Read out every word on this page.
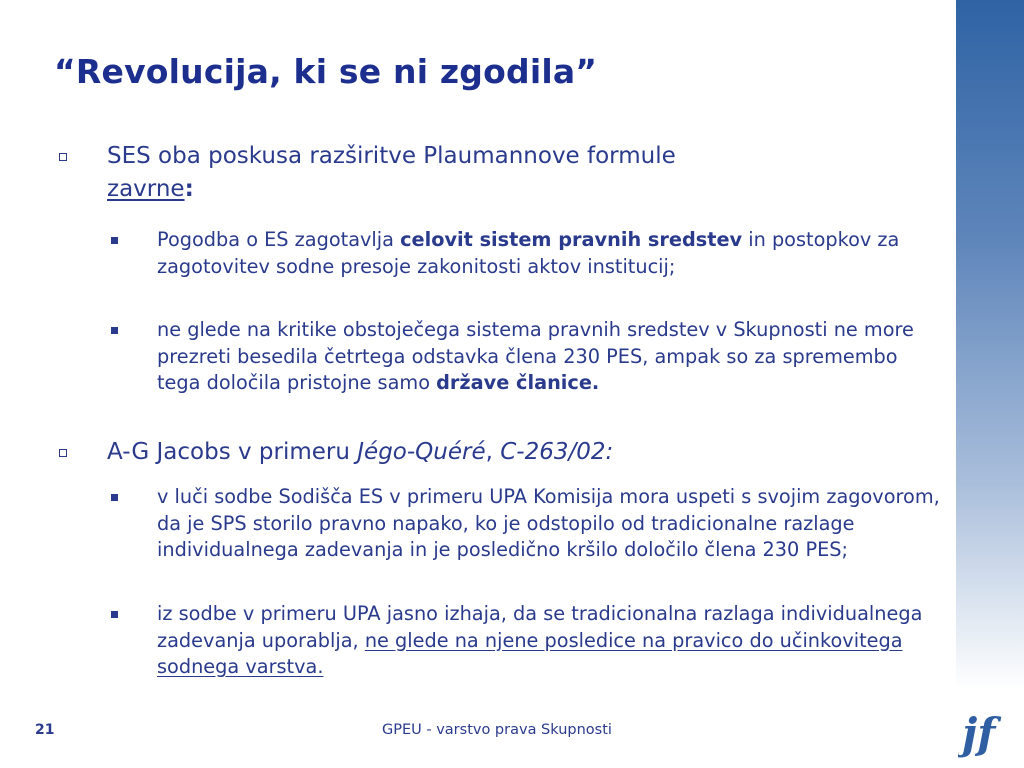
“Revolucija, ki se ni zgodila”
SES oba poskusa razširitve Plaumannove formule
zavrne:
Pogodba o ES zagotavlja celovit sistem pravnih sredstev in postopkov za zagotovitev sodne presoje zakonitosti aktov institucij;
ne glede na kritike obstoječega sistema pravnih sredstev v Skupnosti ne more prezreti besedila četrtega odstavka člena 230 PES, ampak so za spremembo tega določila pristojne samo države članice.
A-G Jacobs v primeru Jégo-Quéré, C-263/02:
v luči sodbe Sodišča ES v primeru UPA Komisija mora uspeti s svojim zagovorom, da je SPS storilo pravno napako, ko je odstopilo od tradicionalne razlage individualnega zadevanja in je posledično kršilo določilo člena 230 PES;
iz sodbe v primeru UPA jasno izhaja, da se tradicionalna razlaga individualnega zadevanja uporablja, ne glede na njene posledice na pravico do učinkovitega sodnega varstva.
21	GPEU - varstvo prava Skupnosti	jf
